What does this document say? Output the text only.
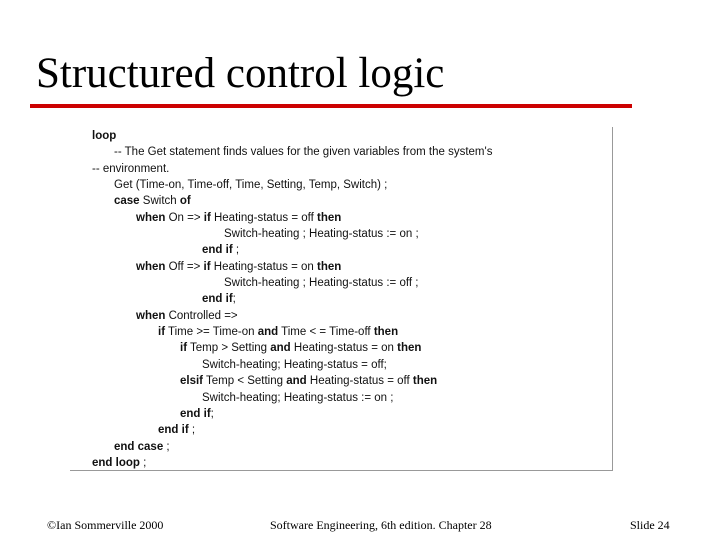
Structured control logic
loop
-- The Get statement finds values for the given variables from the system's
-- environment.
Get (Time-on, Time-off, Time, Setting, Temp, Switch) ;
case Switch of
when On => if Heating-status = off then
Switch-heating ; Heating-status := on ;
end if ;
when Off => if Heating-status = on then
Switch-heating ; Heating-status := off ;
end if;
when Controlled =>
if Time >= Time-on and Time < = Time-off then
if Temp > Setting and Heating-status = on then
Switch-heating; Heating-status = off;
elsif Temp < Setting and Heating-status = off then
Switch-heating; Heating-status := on ;
end if;
end if ;
end case ;
end loop ;
©Ian Sommerville 2000	Software Engineering, 6th edition. Chapter 28	Slide 24
